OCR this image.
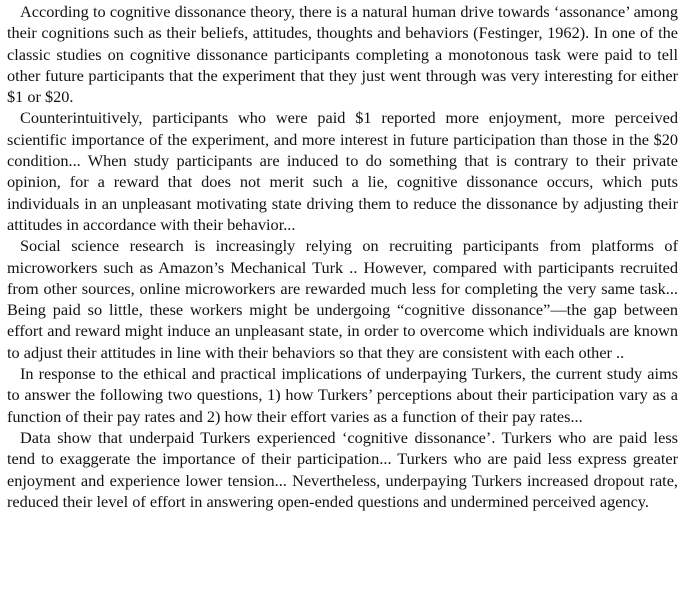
According to cognitive dissonance theory, there is a natural human drive towards ‘assonance’ among their cognitions such as their beliefs, attitudes, thoughts and behaviors (Festinger, 1962). In one of the classic studies on cognitive dissonance participants completing a monotonous task were paid to tell other future participants that the experiment that they just went through was very interesting for either $1 or $20.

Counterintuitively, participants who were paid $1 reported more enjoyment, more perceived scientific importance of the experiment, and more interest in future participation than those in the $20 condition... When study participants are induced to do something that is contrary to their private opinion, for a reward that does not merit such a lie, cognitive dissonance occurs, which puts individuals in an unpleasant motivating state driving them to reduce the dissonance by adjusting their attitudes in accordance with their behavior...

Social science research is increasingly relying on recruiting participants from platforms of microworkers such as Amazon’s Mechanical Turk .. However, compared with participants recruited from other sources, online microworkers are rewarded much less for completing the very same task... Being paid so little, these workers might be undergoing “cognitive dissonance”—the gap between effort and reward might induce an unpleasant state, in order to overcome which individuals are known to adjust their attitudes in line with their behaviors so that they are consistent with each other ..

In response to the ethical and practical implications of underpaying Turkers, the current study aims to answer the following two questions, 1) how Turkers’ perceptions about their participation vary as a function of their pay rates and 2) how their effort varies as a function of their pay rates...

Data show that underpaid Turkers experienced ‘cognitive dissonance’. Turkers who are paid less tend to exaggerate the importance of their participation... Turkers who are paid less express greater enjoyment and experience lower tension... Nevertheless, underpaying Turkers increased dropout rate, reduced their level of effort in answering open-ended questions and undermined perceived agency.
